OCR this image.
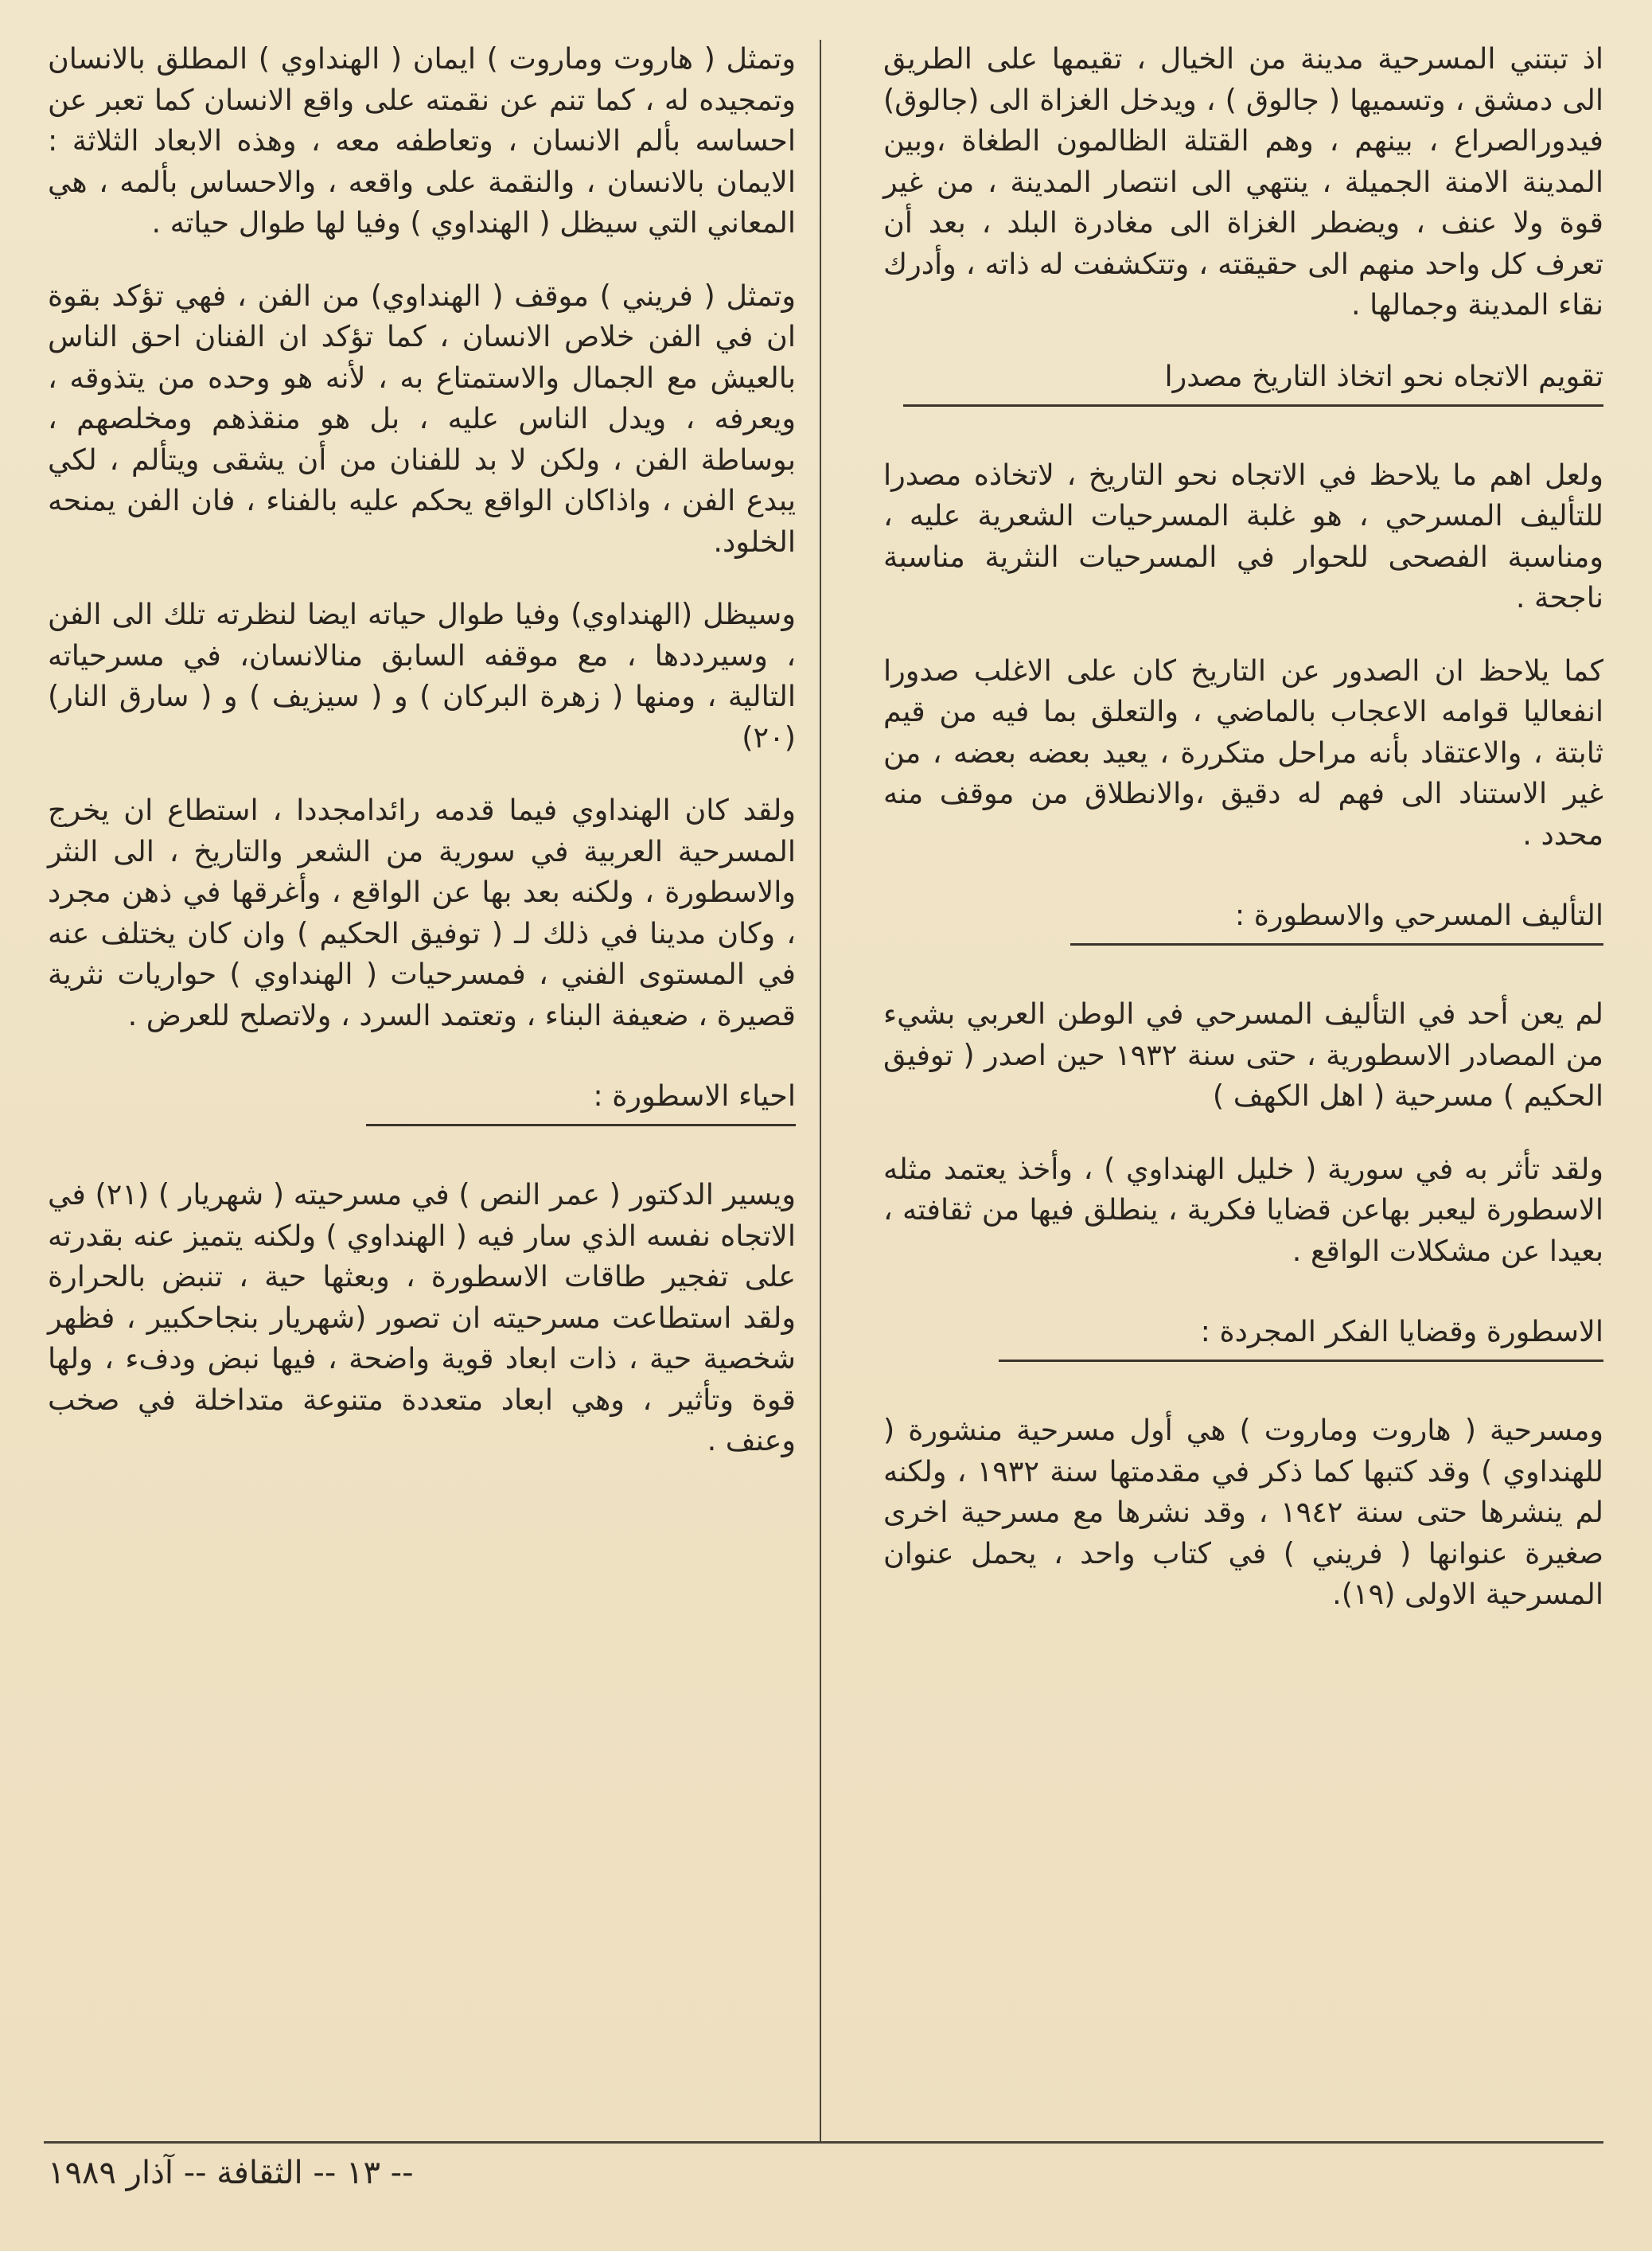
اذ تبتني المسرحية مدينة من الخيال ، تقيمها على الطريق الى دمشق ، وتسميها ( جالوق ) ، ويدخل الغزاة الى (جالوق) فيدورالصراع ، بينهم ، وهم القتلة الظالمون الطغاة ،وبين المدينة الامنة الجميلة ، ينتهي الى انتصار المدينة ، من غير قوة ولا عنف ، ويضطر الغزاة الى مغادرة البلد ، بعد أن تعرف كل واحد منهم الى حقيقته ، وتتكشفت له ذاته ، وأدرك نقاء المدينة وجمالها .

تقويم الاتجاه نحو اتخاذ التاريخ مصدرا

ولعل اهم ما يلاحظ في الاتجاه نحو التاريخ ، لاتخاذه مصدرا للتأليف المسرحي ، هو غلبة المسرحيات الشعرية عليه ، ومناسبة الفصحى للحوار في المسرحيات النثرية مناسبة ناجحة .

كما يلاحظ ان الصدور عن التاريخ كان على الاغلب صدورا انفعاليا قوامه الاعجاب بالماضي ، والتعلق بما فيه من قيم ثابتة ، والاعتقاد بأنه مراحل متكررة ، يعيد بعضه بعضه ، من غير الاستناد الى فهم له دقيق ،والانطلاق من موقف منه محدد .

التأليف المسرحي والاسطورة :

لم يعن أحد في التأليف المسرحي في الوطن العربي بشيء من المصادر الاسطورية ، حتى سنة ١٩٣٢ حين اصدر ( توفيق الحكيم ) مسرحية ( اهل الكهف )

ولقد تأثر به في سورية ( خليل الهنداوي ) ، وأخذ يعتمد مثله الاسطورة ليعبر بهاعن قضايا فكرية ، ينطلق فيها من ثقافته ، بعيدا عن مشكلات الواقع .

الاسطورة وقضايا الفكر المجردة :

ومسرحية ( هاروت وماروت ) هي أول مسرحية منشورة ( للهنداوي ) وقد كتبها كما ذكر في مقدمتها سنة ١٩٣٢ ، ولكنه لم ينشرها حتى سنة ١٩٤٢ ، وقد نشرها مع مسرحية اخرى صغيرة عنوانها ( فريني ) في كتاب واحد ، يحمل عنوان المسرحية الاولى (١٩).

وتمثل ( هاروت وماروت ) ايمان ( الهنداوي ) المطلق بالانسان وتمجيده له ، كما تنم عن نقمته على واقع الانسان كما تعبر عن احساسه بألم الانسان ، وتعاطفه معه ، وهذه الابعاد الثلاثة : الايمان بالانسان ، والنقمة على واقعه ، والاحساس بألمه ، هي المعاني التي سيظل ( الهنداوي ) وفيا لها طوال حياته .

وتمثل ( فريني ) موقف ( الهنداوي) من الفن ، فهي تؤكد بقوة ان في الفن خلاص الانسان ، كما تؤكد ان الفنان احق الناس بالعيش مع الجمال والاستمتاع به ، لأنه هو وحده من يتذوقه ، ويعرفه ، ويدل الناس عليه ، بل هو منقذهم ومخلصهم ، بوساطة الفن ، ولكن لا بد للفنان من أن يشقى ويتألم ، لكي يبدع الفن ، واذاكان الواقع يحكم عليه بالفناء ، فان الفن يمنحه الخلود.

وسيظل (الهنداوي) وفيا طوال حياته ايضا لنظرته تلك الى الفن ، وسيرددها ، مع موقفه السابق منالانسان، في مسرحياته التالية ، ومنها ( زهرة البركان ) و ( سيزيف ) و ( سارق النار) (٢٠)

ولقد كان الهنداوي فيما قدمه رائدامجددا ، استطاع ان يخرج المسرحية العربية في سورية من الشعر والتاريخ ، الى النثر والاسطورة ، ولكنه بعد بها عن الواقع ، وأغرقها في ذهن مجرد ، وكان مدينا في ذلك لـ ( توفيق الحكيم ) وان كان يختلف عنه في المستوى الفني ، فمسرحيات ( الهنداوي ) حواريات نثرية قصيرة ، ضعيفة البناء ، وتعتمد السرد ، ولاتصلح للعرض .

احياء الاسطورة :

ويسير الدكتور ( عمر النص ) في مسرحيته ( شهريار ) (٢١) في الاتجاه نفسه الذي سار فيه ( الهنداوي ) ولكنه يتميز عنه بقدرته على تفجير طاقات الاسطورة ، وبعثها حية ، تنبض بالحرارة ولقد استطاعت مسرحيته ان تصور (شهريار بنجاحكبير ، فظهر شخصية حية ، ذات ابعاد قوية واضحة ، فيها نبض ودفء ، ولها قوة وتأثير ، وهي ابعاد متعددة متنوعة متداخلة في صخب وعنف .

-- ١٣ -- الثقافة -- آذار ١٩٨٩
